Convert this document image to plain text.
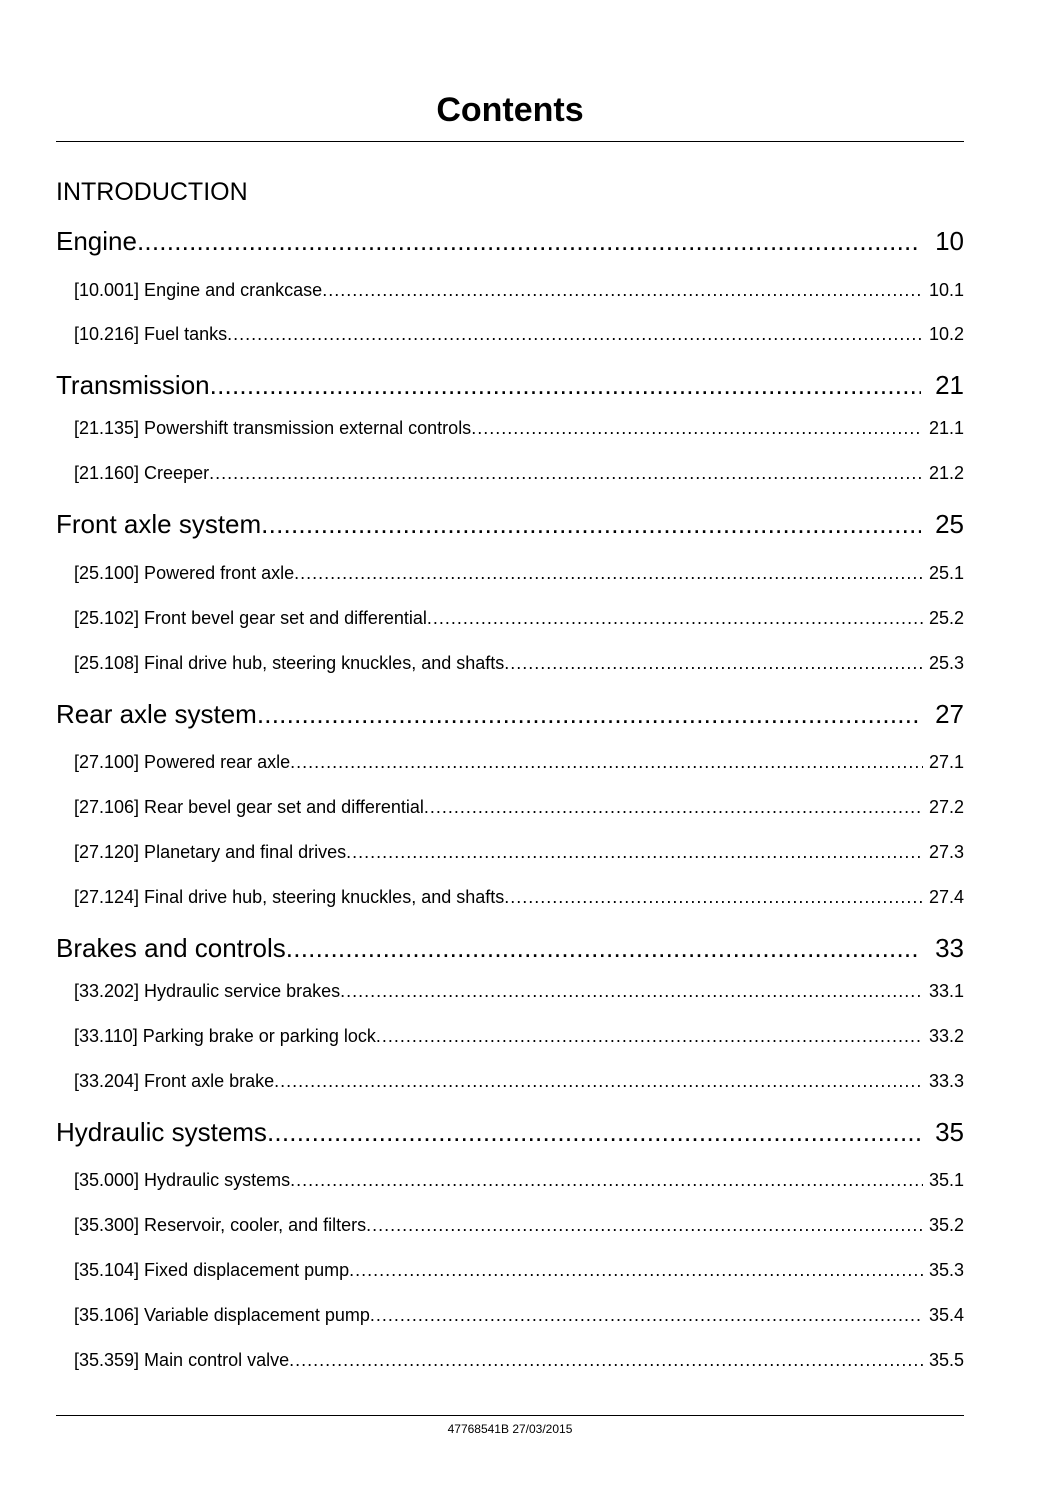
Contents
INTRODUCTION
Engine . . .	10
[10.001] Engine and crankcase . . .	10.1
[10.216] Fuel tanks . . .	10.2
Transmission . . .	21
[21.135] Powershift transmission external controls . . .	21.1
[21.160] Creeper . . .	21.2
Front axle system . . .	25
[25.100] Powered front axle . . .	25.1
[25.102] Front bevel gear set and differential . . .	25.2
[25.108] Final drive hub, steering knuckles, and shafts . . .	25.3
Rear axle system . . .	27
[27.100] Powered rear axle . . .	27.1
[27.106] Rear bevel gear set and differential . . .	27.2
[27.120] Planetary and final drives . . .	27.3
[27.124] Final drive hub, steering knuckles, and shafts . . .	27.4
Brakes and controls . . .	33
[33.202] Hydraulic service brakes . . .	33.1
[33.110] Parking brake or parking lock . . .	33.2
[33.204] Front axle brake . . .	33.3
Hydraulic systems . . .	35
[35.000] Hydraulic systems . . .	35.1
[35.300] Reservoir, cooler, and filters . . .	35.2
[35.104] Fixed displacement pump . . .	35.3
[35.106] Variable displacement pump . . .	35.4
[35.359] Main control valve . . .	35.5
47768541B 27/03/2015
